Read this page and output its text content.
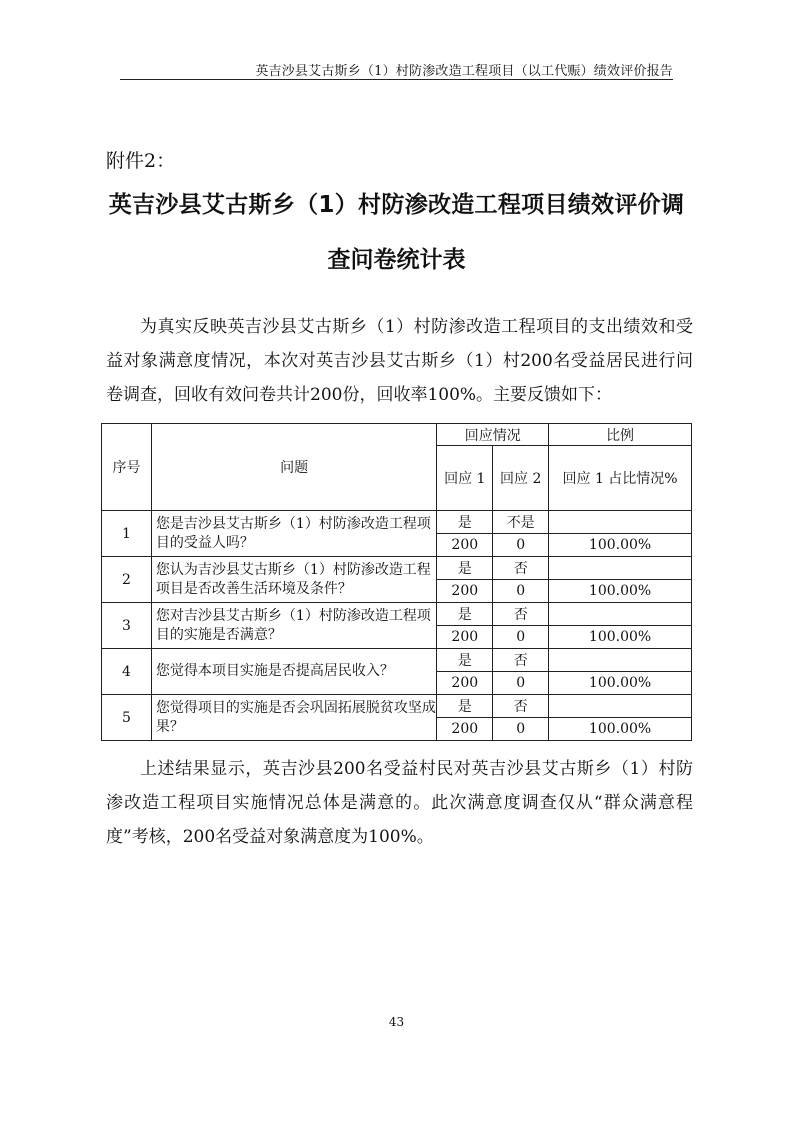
英吉沙县艾古斯乡（1）村防渗改造工程项目（以工代赈）绩效评价报告
附件2：
英吉沙县艾古斯乡（1）村防渗改造工程项目绩效评价调
查问卷统计表
为真实反映英吉沙县艾古斯乡（1）村防渗改造工程项目的支出绩效和受益对象满意度情况，本次对英吉沙县艾古斯乡（1）村200名受益居民进行问卷调查，回收有效问卷共计200份，回收率100%。主要反馈如下：
序号	问题	回应情况		比例
		回应 1	回应 2	回应 1 占比情况%
1	您是吉沙县艾古斯乡（1）村防渗改造工程项目的受益人吗？	是	不是	
		200	0	100.00%
2	您认为吉沙县艾古斯乡（1）村防渗改造工程项目是否改善生活环境及条件？	是	否	
		200	0	100.00%
3	您对吉沙县艾古斯乡（1）村防渗改造工程项目的实施是否满意？	是	否	
		200	0	100.00%
4	您觉得本项目实施是否提高居民收入？	是	否	
		200	0	100.00%
5	您觉得项目的实施是否会巩固拓展脱贫攻坚成果？	是	否	
		200	0	100.00%
上述结果显示，英吉沙县200名受益村民对英吉沙县艾古斯乡（1）村防渗改造工程项目实施情况总体是满意的。此次满意度调查仅从“群众满意程度”考核，200名受益对象满意度为100%。
43
